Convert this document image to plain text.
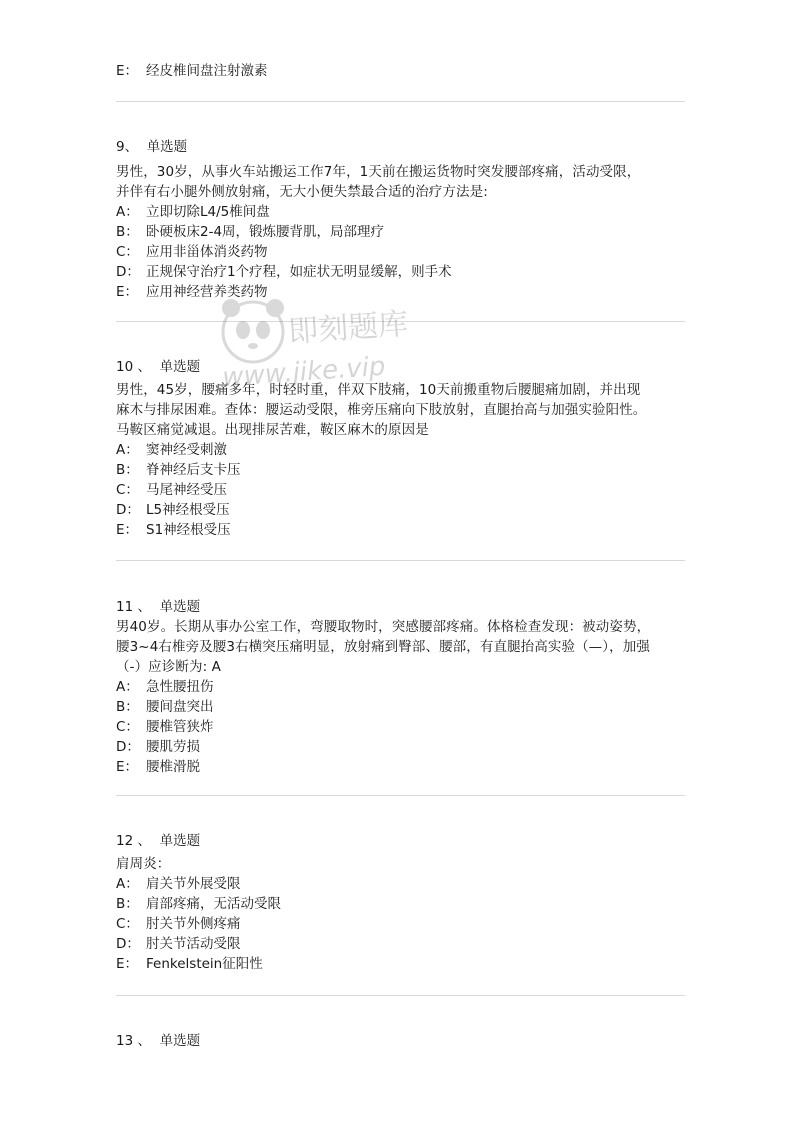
E： 经皮椎间盘注射激素
9、 单选题
男性，30岁，从事火车站搬运工作7年，1天前在搬运货物时突发腰部疼痛，活动受限，
并伴有右小腿外侧放射痛，无大小便失禁最合适的治疗方法是:
A： 立即切除L4/5椎间盘
B： 卧硬板床2-4周，锻炼腰背肌，局部理疗
C： 应用非甾体消炎药物
D： 正规保守治疗1个疗程，如症状无明显缓解，则手术
E： 应用神经营养类药物
10 、 单选题
男性，45岁，腰痛多年，时轻时重，伴双下肢痛，10天前搬重物后腰腿痛加剧，并出现
麻木与排尿困难。查体：腰运动受限，椎旁压痛向下肢放射，直腿抬高与加强实验阳性。
马鞍区痛觉减退。出现排尿苦难，鞍区麻木的原因是
A： 窦神经受刺激
B： 脊神经后支卡压
C： 马尾神经受压
D： L5神经根受压
E： S1神经根受压
11 、 单选题
男40岁。长期从事办公室工作，弯腰取物时，突感腰部疼痛。体格检查发现：被动姿势，
腰3~4右椎旁及腰3右横突压痛明显，放射痛到臀部、腰部，有直腿抬高实验（—），加强
（-）应诊断为: A
A： 急性腰扭伤
B： 腰间盘突出
C： 腰椎管狭炸
D： 腰肌劳损
E： 腰椎滑脱
12 、 单选题
肩周炎：
A： 肩关节外展受限
B： 肩部疼痛，无活动受限
C： 肘关节外侧疼痛
D： 肘关节活动受限
E： Fenkelstein征阳性
13 、 单选题
即刻题库
www.jike.vip
